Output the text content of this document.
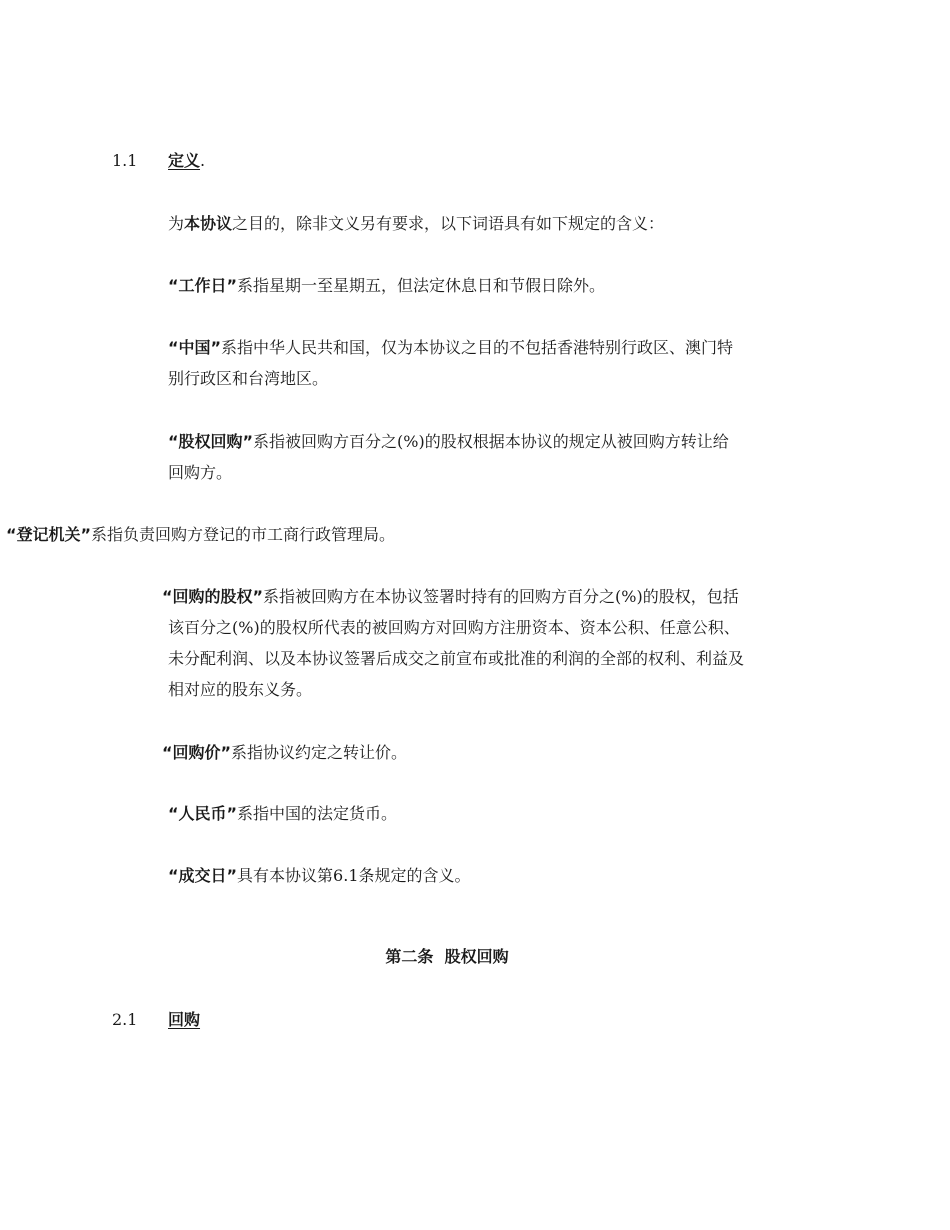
1.1 定义.
为本协议之目的，除非文义另有要求，以下词语具有如下规定的含义：
“工作日”系指星期一至星期五，但法定休息日和节假日除外。
“中国”系指中华人民共和国，仅为本协议之目的不包括香港特别行政区、澳门特
别行政区和台湾地区。
“股权回购”系指被回购方百分之(%)的股权根据本协议的规定从被回购方转让给
回购方。
“登记机关”系指负责回购方登记的市工商行政管理局。
“回购的股权”系指被回购方在本协议签署时持有的回购方百分之(%)的股权，包括
该百分之(%)的股权所代表的被回购方对回购方注册资本、资本公积、任意公积、
未分配利润、以及本协议签署后成交之前宣布或批准的利润的全部的权利、利益及
相对应的股东义务。
“回购价”系指协议约定之转让价。
“人民币”系指中国的法定货币。
“成交日”具有本协议第6.1条规定的含义。
第二条  股权回购
2.1 回购
